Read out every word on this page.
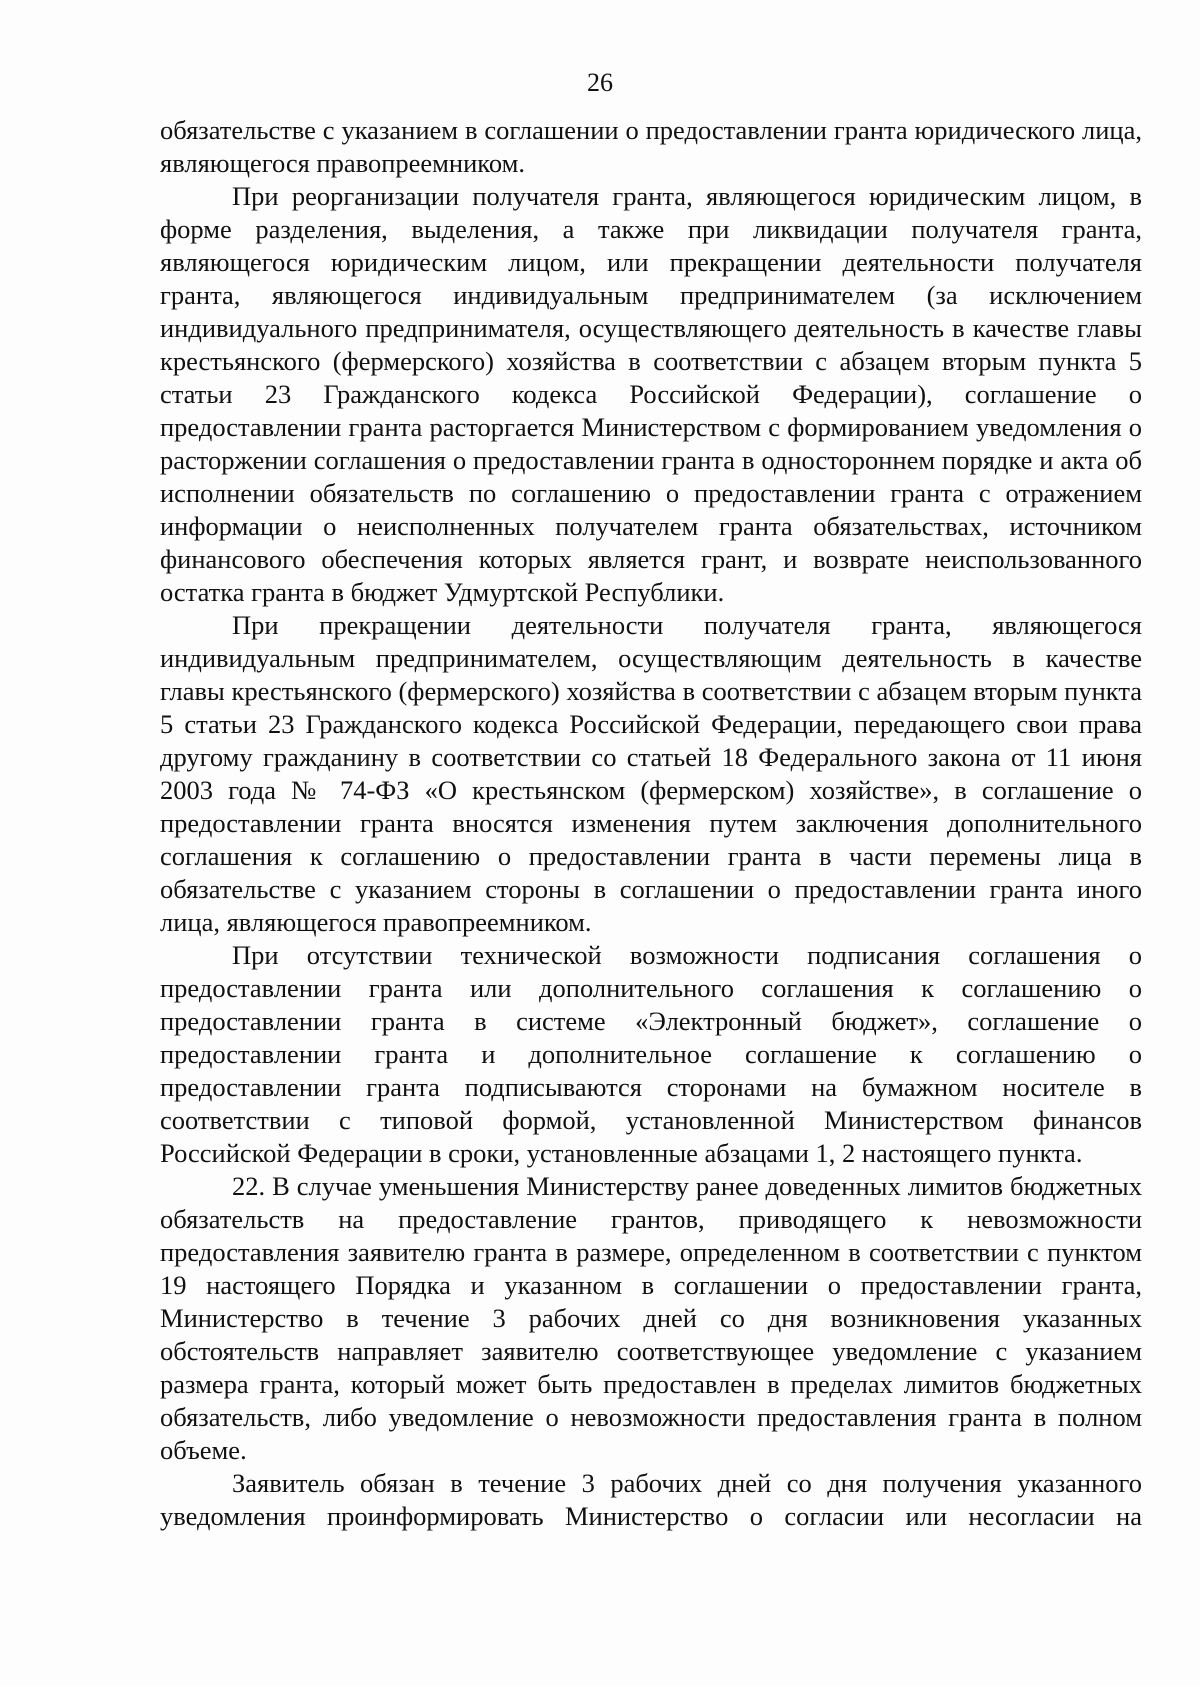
26

обязательстве с указанием в соглашении о предоставлении гранта юридического лица, являющегося правопреемником.

При реорганизации получателя гранта, являющегося юридическим лицом, в форме разделения, выделения, а также при ликвидации получателя гранта, являющегося юридическим лицом, или прекращении деятельности получателя гранта, являющегося индивидуальным предпринимателем (за исключением индивидуального предпринимателя, осуществляющего деятельность в качестве главы крестьянского (фермерского) хозяйства в соответствии с абзацем вторым пункта 5 статьи 23 Гражданского кодекса Российской Федерации), соглашение о предоставлении гранта расторгается Министерством с формированием уведомления о расторжении соглашения о предоставлении гранта в одностороннем порядке и акта об исполнении обязательств по соглашению о предоставлении гранта с отражением информации о неисполненных получателем гранта обязательствах, источником финансового обеспечения которых является грант, и возврате неиспользованного остатка гранта в бюджет Удмуртской Республики.

При прекращении деятельности получателя гранта, являющегося индивидуальным предпринимателем, осуществляющим деятельность в качестве главы крестьянского (фермерского) хозяйства в соответствии с абзацем вторым пункта 5 статьи 23 Гражданского кодекса Российской Федерации, передающего свои права другому гражданину в соответствии со статьей 18 Федерального закона от 11 июня 2003 года № 74-ФЗ «О крестьянском (фермерском) хозяйстве», в соглашение о предоставлении гранта вносятся изменения путем заключения дополнительного соглашения к соглашению о предоставлении гранта в части перемены лица в обязательстве с указанием стороны в соглашении о предоставлении гранта иного лица, являющегося правопреемником.

При отсутствии технической возможности подписания соглашения о предоставлении гранта или дополнительного соглашения к соглашению о предоставлении гранта в системе «Электронный бюджет», соглашение о предоставлении гранта и дополнительное соглашение к соглашению о предоставлении гранта подписываются сторонами на бумажном носителе в соответствии с типовой формой, установленной Министерством финансов Российской Федерации в сроки, установленные абзацами 1, 2 настоящего пункта.

22. В случае уменьшения Министерству ранее доведенных лимитов бюджетных обязательств на предоставление грантов, приводящего к невозможности предоставления заявителю гранта в размере, определенном в соответствии с пунктом 19 настоящего Порядка и указанном в соглашении о предоставлении гранта, Министерство в течение 3 рабочих дней со дня возникновения указанных обстоятельств направляет заявителю соответствующее уведомление с указанием размера гранта, который может быть предоставлен в пределах лимитов бюджетных обязательств, либо уведомление о невозможности предоставления гранта в полном объеме.

Заявитель обязан в течение 3 рабочих дней со дня получения указанного уведомления проинформировать Министерство о согласии или несогласии на
